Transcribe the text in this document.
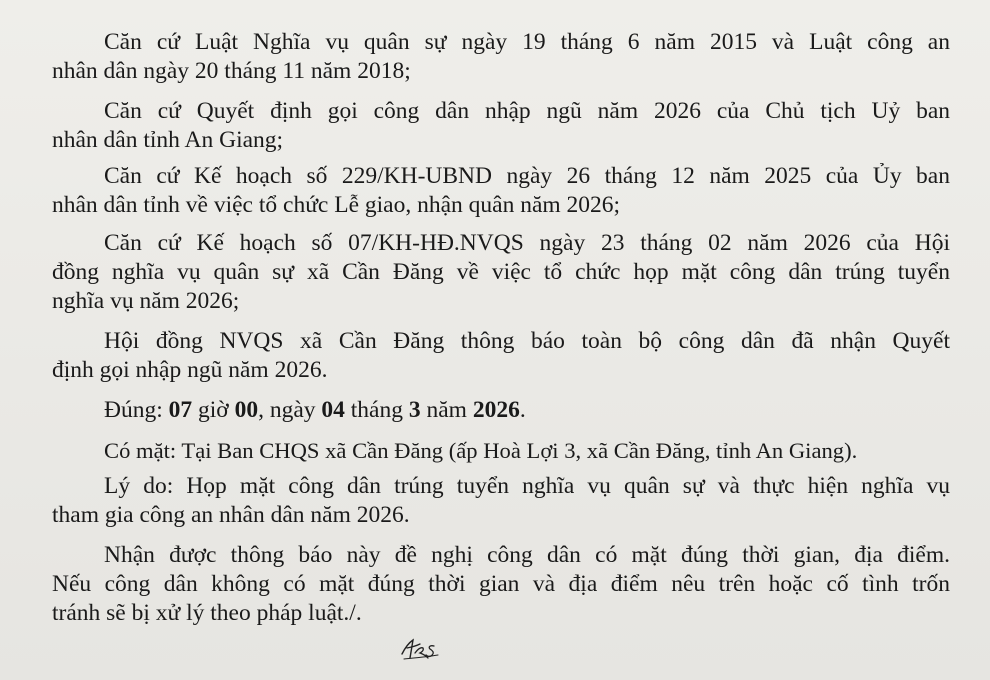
Căn cứ Luật Nghĩa vụ quân sự ngày 19 tháng 6 năm 2015 và Luật công an
nhân dân ngày 20 tháng 11 năm 2018;

Căn cứ Quyết định gọi công dân nhập ngũ năm 2026 của Chủ tịch Uỷ ban
nhân dân tỉnh An Giang;

Căn cứ Kế hoạch số 229/KH-UBND ngày 26 tháng 12 năm 2025 của Ủy ban
nhân dân tỉnh về việc tổ chức Lễ giao, nhận quân năm 2026;

Căn cứ Kế hoạch số 07/KH-HĐ.NVQS ngày 23 tháng 02 năm 2026 của Hội
đồng nghĩa vụ quân sự xã Cần Đăng về việc tổ chức họp mặt công dân trúng tuyển
nghĩa vụ năm 2026;

Hội đồng NVQS xã Cần Đăng thông báo toàn bộ công dân đã nhận Quyết
định gọi nhập ngũ năm 2026.

Đúng: 07 giờ 00, ngày 04 tháng 3 năm 2026.

Có mặt: Tại Ban CHQS xã Cần Đăng (ấp Hoà Lợi 3, xã Cần Đăng, tỉnh An Giang).

Lý do: Họp mặt công dân trúng tuyển nghĩa vụ quân sự và thực hiện nghĩa vụ
tham gia công an nhân dân năm 2026.

Nhận được thông báo này đề nghị công dân có mặt đúng thời gian, địa điểm.
Nếu công dân không có mặt đúng thời gian và địa điểm nêu trên hoặc cố tình trốn
tránh sẽ bị xử lý theo pháp luật./.
